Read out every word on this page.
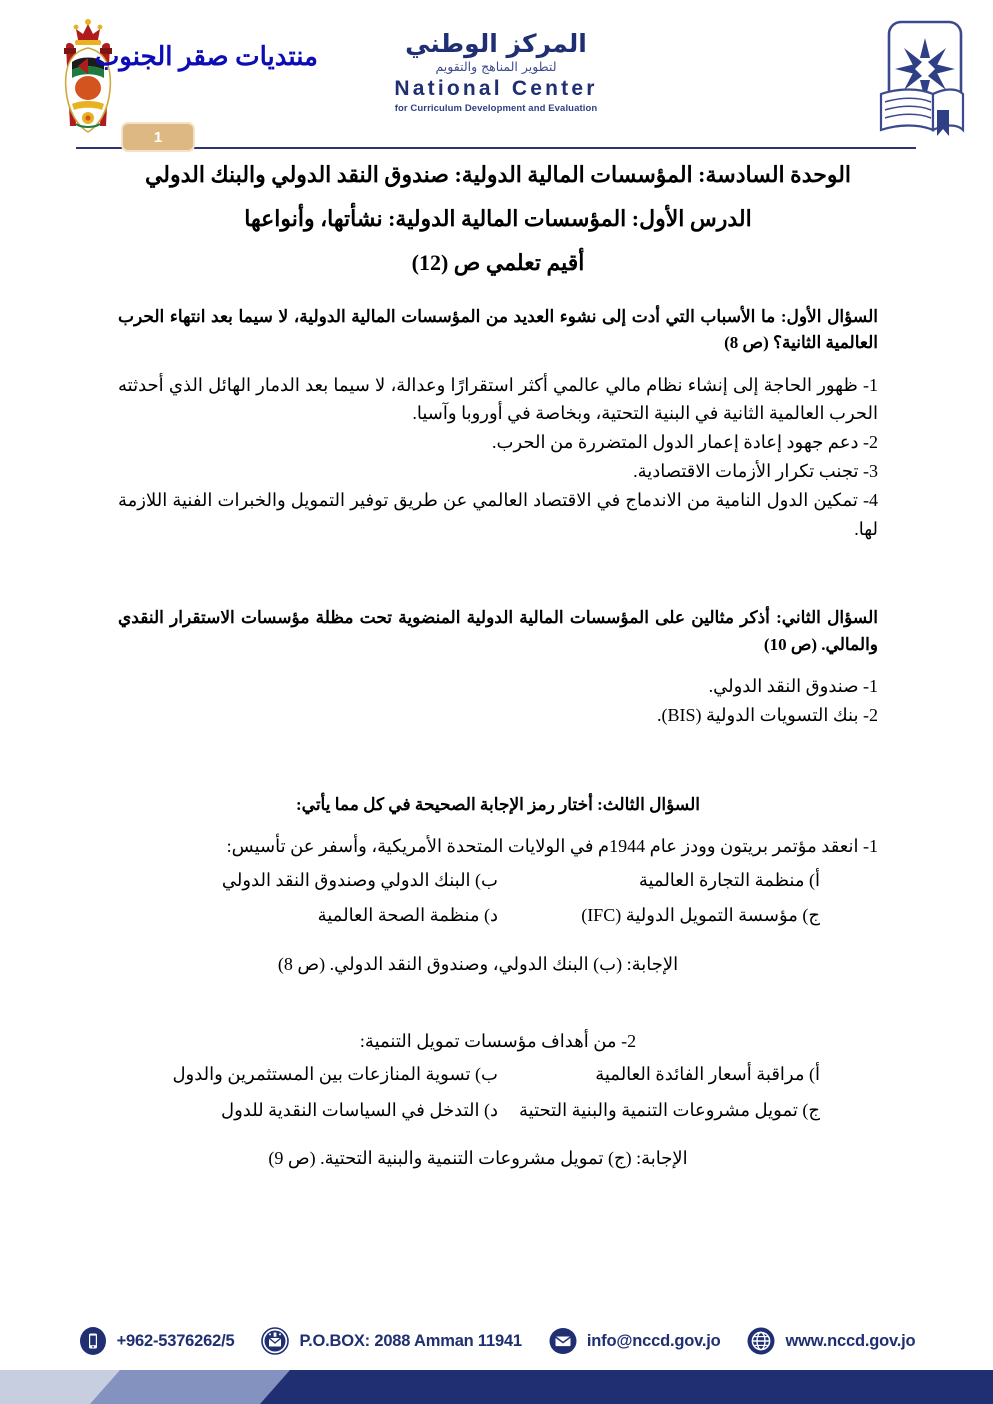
منتديات صقر الجنوب	المركز الوطني
لتطوير المناهج والتقويم
National Center
for Curriculum Development and Evaluation
1
الوحدة السادسة: المؤسسات المالية الدولية: صندوق النقد الدولي والبنك الدولي
الدرس الأول: المؤسسات المالية الدولية: نشأتها، وأنواعها
أقيم تعلمي ص (12)
السؤال الأول: ما الأسباب التي أدت إلى نشوء العديد من المؤسسات المالية الدولية، لا سيما بعد انتهاء الحرب العالمية الثانية؟ (ص 8)
1- ظهور الحاجة إلى إنشاء نظام مالي عالمي أكثر استقرارًا وعدالة، لا سيما بعد الدمار الهائل الذي أحدثته الحرب العالمية الثانية في البنية التحتية، وبخاصة في أوروبا وآسيا.
2- دعم جهود إعادة إعمار الدول المتضررة من الحرب.
3- تجنب تكرار الأزمات الاقتصادية.
4- تمكين الدول النامية من الاندماج في الاقتصاد العالمي عن طريق توفير التمويل والخبرات الفنية اللازمة لها.
السؤال الثاني: أذكر مثالين على المؤسسات المالية الدولية المنضوية تحت مظلة مؤسسات الاستقرار النقدي والمالي. (ص 10)
1- صندوق النقد الدولي.
2- بنك التسويات الدولية (BIS).
السؤال الثالث: أختار رمز الإجابة الصحيحة في كل مما يأتي:
1- انعقد مؤتمر بريتون وودز عام 1944م في الولايات المتحدة الأمريكية، وأسفر عن تأسيس:
أ) منظمة التجارة العالمية
ب) البنك الدولي وصندوق النقد الدولي
ج) مؤسسة التمويل الدولية (IFC)
د) منظمة الصحة العالمية
الإجابة: (ب) البنك الدولي، وصندوق النقد الدولي. (ص 8)
2- من أهداف مؤسسات تمويل التنمية:
أ) مراقبة أسعار الفائدة العالمية
ب) تسوية المنازعات بين المستثمرين والدول
ج) تمويل مشروعات التنمية والبنية التحتية
د) التدخل في السياسات النقدية للدول
الإجابة: (ج) تمويل مشروعات التنمية والبنية التحتية. (ص 9)
+962-5376262/5	P.O.BOX: 2088 Amman 11941	info@nccd.gov.jo	www.nccd.gov.jo
